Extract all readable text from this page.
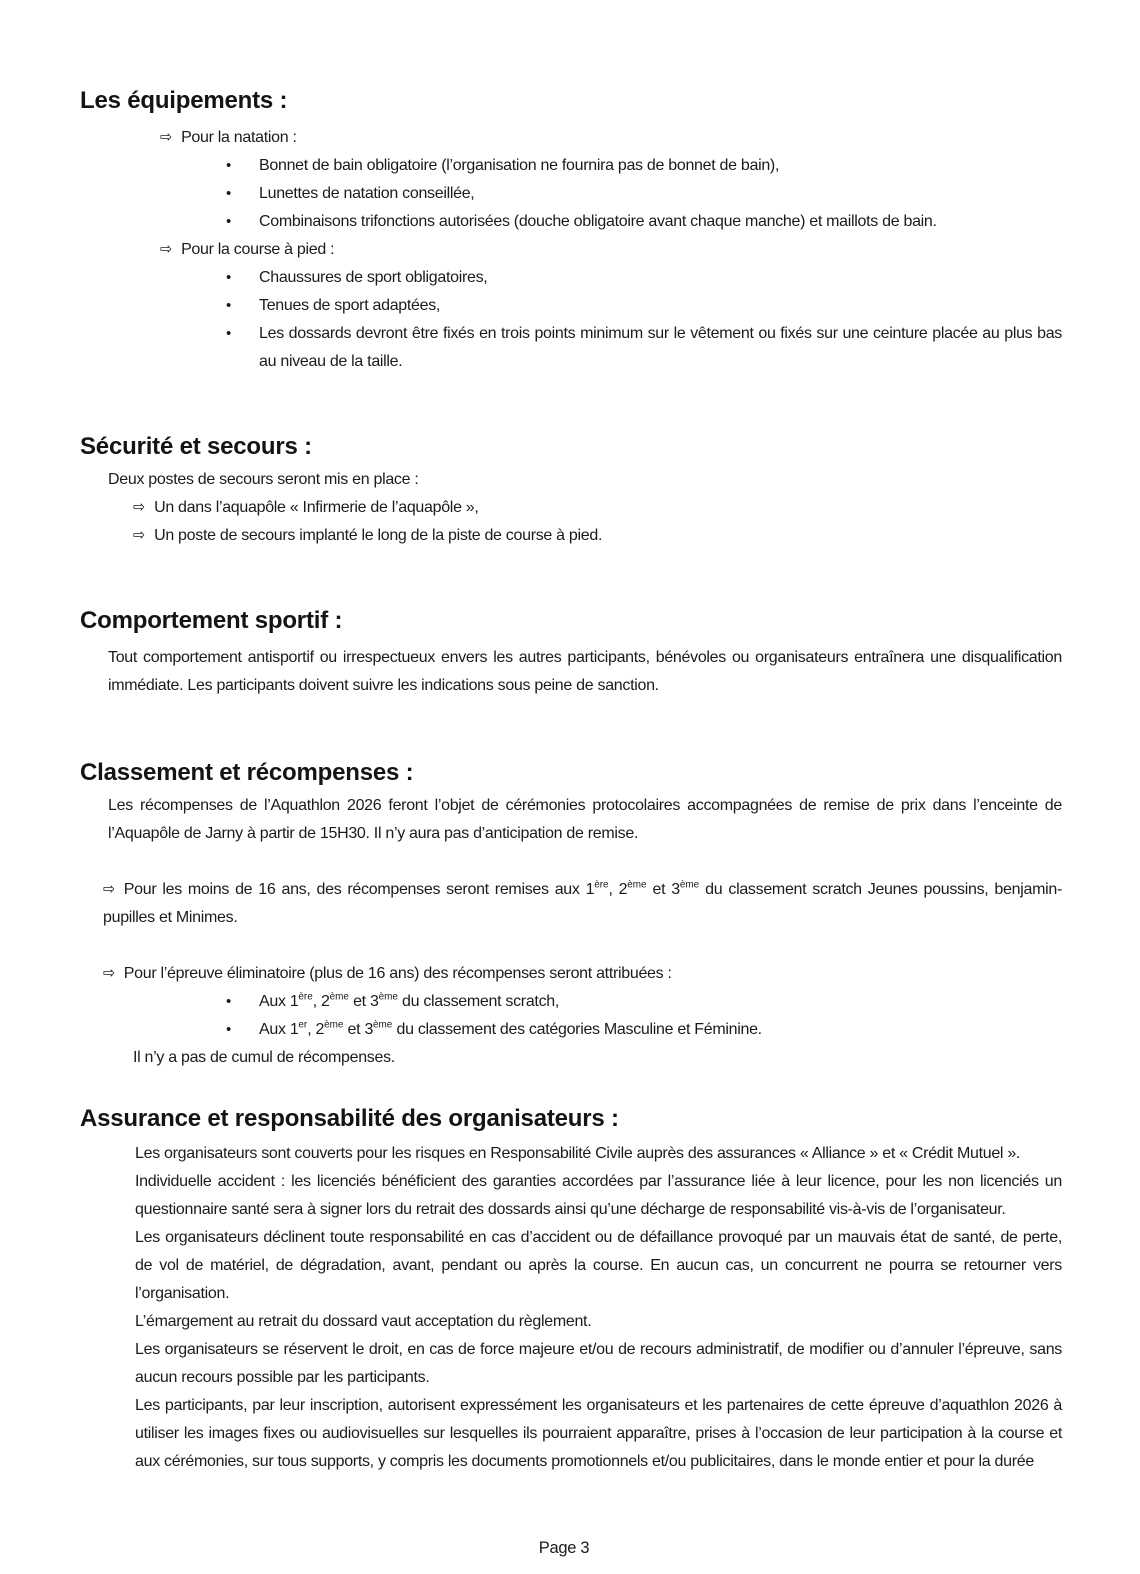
Les équipements :
⇨ Pour la natation :
•	Bonnet de bain obligatoire (l’organisation ne fournira pas de bonnet de bain),
•	Lunettes de natation conseillée,
•	Combinaisons trifonctions autorisées (douche obligatoire avant chaque manche) et maillots de bain.
⇨ Pour la course à pied :
•	Chaussures de sport obligatoires,
•	Tenues de sport adaptées,
•	Les dossards devront être fixés en trois points minimum sur le vêtement ou fixés sur une ceinture placée au plus bas au niveau de la taille.
Sécurité et secours :
Deux postes de secours seront mis en place :
⇨ Un dans l’aquapôle « Infirmerie de l’aquapôle »,
⇨ Un poste de secours implanté le long de la piste de course à pied.
Comportement sportif :

Tout comportement antisportif ou irrespectueux envers les autres participants, bénévoles ou organisateurs entraînera une disqualification immédiate. Les participants doivent suivre les indications sous peine de sanction.

Classement et récompenses :

Les récompenses de l’Aquathlon 2026 feront l’objet de cérémonies protocolaires accompagnées de remise de prix dans l’enceinte de l’Aquapôle de Jarny à partir de 15H30. Il n’y aura pas d’anticipation de remise.

⇨ Pour les moins de 16 ans, des récompenses seront remises aux 1ère, 2ème et 3ème du classement scratch Jeunes poussins, benjamin-pupilles et Minimes.

⇨ Pour l’épreuve éliminatoire (plus de 16 ans) des récompenses seront attribuées :

•	Aux 1ère, 2ème et 3ème du classement scratch,
•	Aux 1er, 2ème et 3ème du classement des catégories Masculine et Féminine.
Il n’y a pas de cumul de récompenses.
Assurance et responsabilité des organisateurs :

Les organisateurs sont couverts pour les risques en Responsabilité Civile auprès des assurances « Alliance » et « Crédit Mutuel ».

Individuelle accident : les licenciés bénéficient des garanties accordées par l’assurance liée à leur licence, pour les non licenciés un questionnaire santé sera à signer lors du retrait des dossards ainsi qu’une décharge de responsabilité vis-à-vis de l’organisateur.

Les organisateurs déclinent toute responsabilité en cas d’accident ou de défaillance provoqué par un mauvais état de santé, de perte, de vol de matériel, de dégradation, avant, pendant ou après la course. En aucun cas, un concurrent ne pourra se retourner vers l’organisation.

L’émargement au retrait du dossard vaut acceptation du règlement.

Les organisateurs se réservent le droit, en cas de force majeure et/ou de recours administratif, de modifier ou d’annuler l’épreuve, sans aucun recours possible par les participants.

Les participants, par leur inscription, autorisent expressément les organisateurs et les partenaires de cette épreuve d’aquathlon 2026 à utiliser les images fixes ou audiovisuelles sur lesquelles ils pourraient apparaître, prises à l’occasion de leur participation à la course et aux cérémonies, sur tous supports, y compris les documents promotionnels et/ou publicitaires, dans le monde entier et pour la durée

Page 3
